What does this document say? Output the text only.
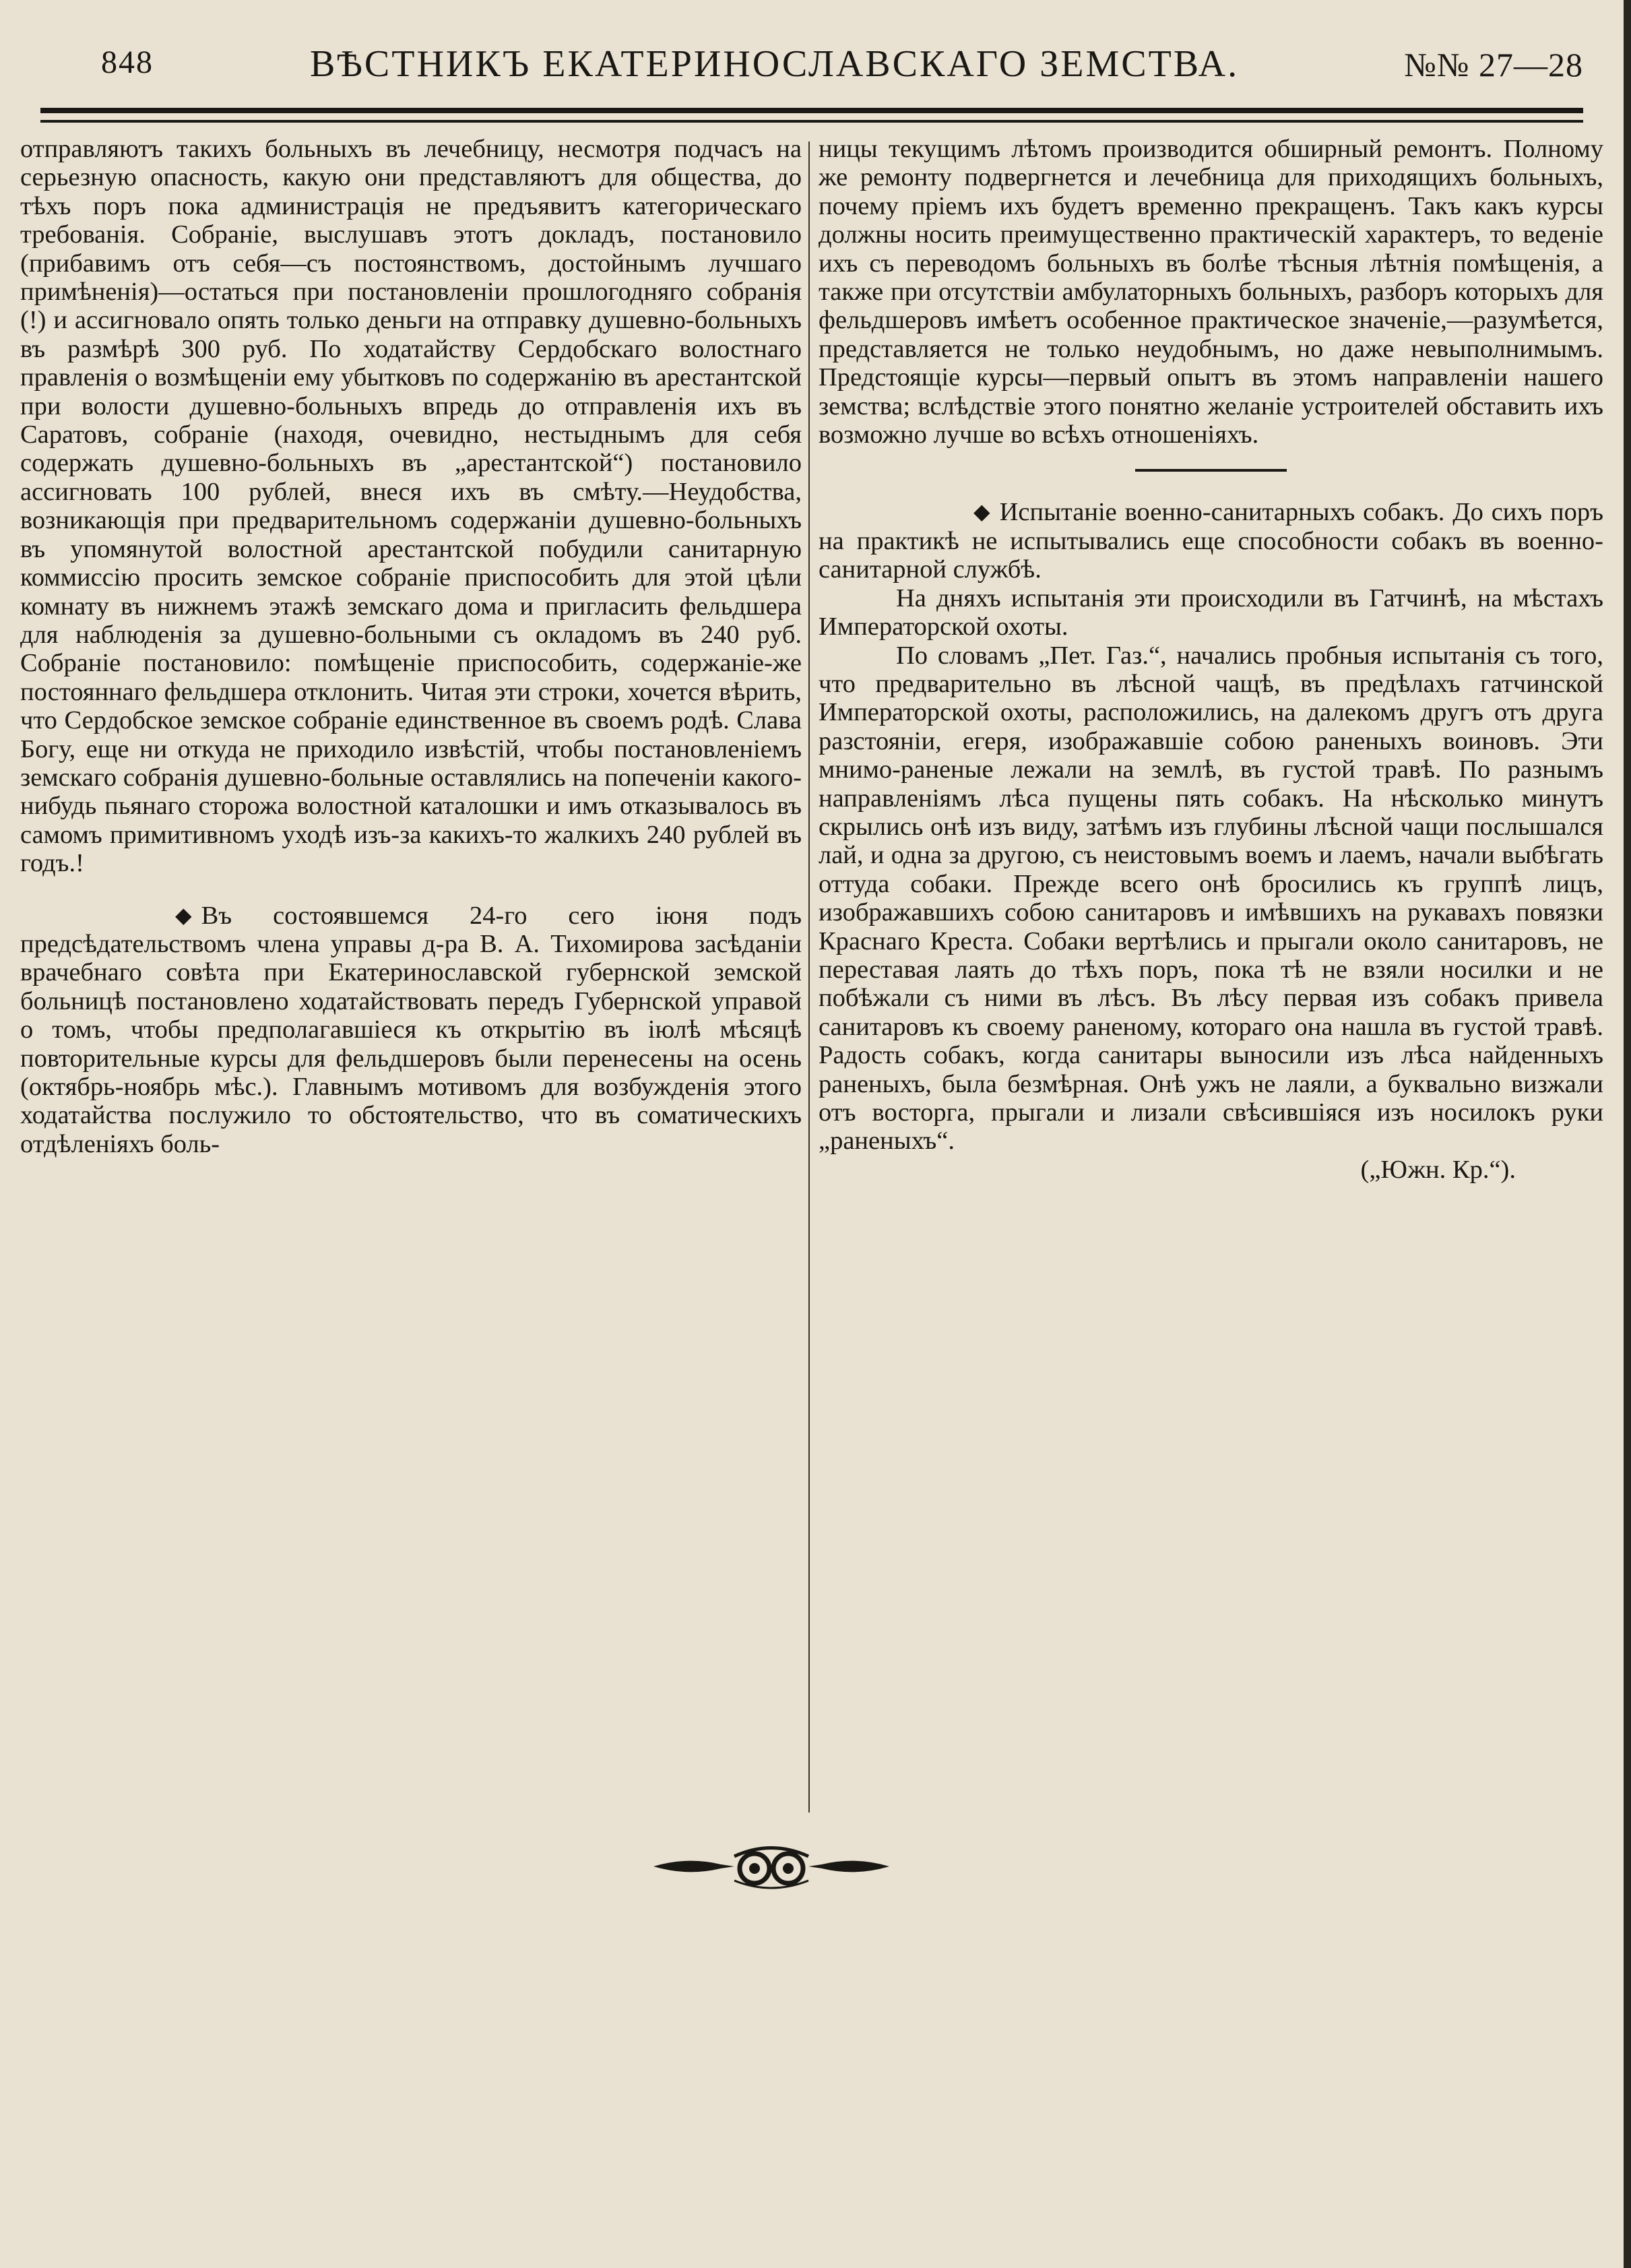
848	ВѢСТНИКЪ ЕКАТЕРИНОСЛАВСКАГО ЗЕМСТВА.	№№ 27—28

отправляютъ такихъ больныхъ въ лечебницу, несмотря подчасъ на серьезную опасность, какую они представляютъ для общества, до тѣхъ поръ пока администрація не предъявитъ категорическаго требованія. Собраніе, выслушавъ этотъ докладъ, постановило (прибавимъ отъ себя—съ постоянствомъ, достойнымъ лучшаго примѣненія)—остаться при постановленіи прошлогодняго собранія (!) и ассигновало опять только деньги на отправку душевно-больныхъ въ размѣрѣ 300 руб. По ходатайству Сердобскаго волостнаго правленія о возмѣщеніи ему убытковъ по содержанію въ арестантской при волости душевно-больныхъ впредь до отправленія ихъ въ Саратовъ, собраніе (находя, очевидно, нестыднымъ для себя содержать душевно-больныхъ въ „арестантской“) постановило ассигновать 100 рублей, внеся ихъ въ смѣту.—Неудобства, возникающія при предварительномъ содержаніи душевно-больныхъ въ упомянутой волостной арестантской побудили санитарную коммиссію просить земское собраніе приспособить для этой цѣли комнату въ нижнемъ этажѣ земскаго дома и пригласить фельдшера для наблюденія за душевно-больными съ окладомъ въ 240 руб. Собраніе постановило: помѣщеніе приспособить, содержаніе-же постояннаго фельдшера отклонить. Читая эти строки, хочется вѣрить, что Сердобское земское собраніе единственное въ своемъ родѣ. Слава Богу, еще ни откуда не приходило извѣстій, чтобы постановленіемъ земскаго собранія душевно-больные оставлялись на попеченіи какого-нибудь пьянаго сторожа волостной каталошки и имъ отказывалось въ самомъ примитивномъ уходѣ изъ-за какихъ-то жалкихъ 240 рублей въ годъ.!

◆ Въ состоявшемся 24-го сего іюня подъ предсѣдательствомъ члена управы д-ра В. А. Тихомирова засѣданіи врачебнаго совѣта при Екатеринославской губернской земской больницѣ постановлено ходатайствовать передъ Губернской управой о томъ, чтобы предполагавшіеся къ открытію въ іюлѣ мѣсяцѣ повторительные курсы для фельдшеровъ были перенесены на осень (октябрь-ноябрь мѣс.). Главнымъ мотивомъ для возбужденія этого ходатайства послужило то обстоятельство, что въ соматическихъ отдѣленіяхъ боль-

ницы текущимъ лѣтомъ производится обширный ремонтъ. Полному же ремонту подвергнется и лечебница для приходящихъ больныхъ, почему пріемъ ихъ будетъ временно прекращенъ. Такъ какъ курсы должны носить преимущественно практическій характеръ, то веденіе ихъ съ переводомъ больныхъ въ болѣе тѣсныя лѣтнія помѣщенія, а также при отсутствіи амбулаторныхъ больныхъ, разборъ которыхъ для фельдшеровъ имѣетъ особенное практическое значеніе,—разумѣется, представляется не только неудобнымъ, но даже невыполнимымъ. Предстоящіе курсы—первый опытъ въ этомъ направленіи нашего земства; вслѣдствіе этого понятно желаніе устроителей обставить ихъ возможно лучше во всѣхъ отношеніяхъ.

◆ Испытаніе военно-санитарныхъ собакъ. До сихъ поръ на практикѣ не испытывались еще способности собакъ въ военно-санитарной службѣ.

На дняхъ испытанія эти происходили въ Гатчинѣ, на мѣстахъ Императорской охоты.

По словамъ „Пет. Газ.“, начались пробныя испытанія съ того, что предварительно въ лѣсной чащѣ, въ предѣлахъ гатчинской Императорской охоты, расположились, на далекомъ другъ отъ друга разстояніи, егеря, изображавшіе собою раненыхъ воиновъ. Эти мнимо-раненые лежали на землѣ, въ густой травѣ. По разнымъ направленіямъ лѣса пущены пять собакъ. На нѣсколько минутъ скрылись онѣ изъ виду, затѣмъ изъ глубины лѣсной чащи послышался лай, и одна за другою, съ неистовымъ воемъ и лаемъ, начали выбѣгать оттуда собаки. Прежде всего онѣ бросились къ группѣ лицъ, изображавшихъ собою санитаровъ и имѣвшихъ на рукавахъ повязки Краснаго Креста. Собаки вертѣлись и прыгали около санитаровъ, не переставая лаять до тѣхъ поръ, пока тѣ не взяли носилки и не побѣжали съ ними въ лѣсъ. Въ лѣсу первая изъ собакъ привела санитаровъ къ своему раненому, которaго она нашла въ густой травѣ. Радость собакъ, когда санитары выносили изъ лѣса найденныхъ раненыхъ, была безмѣрная. Онѣ ужъ не лаяли, а буквально визжали отъ восторга, прыгали и лизали свѣсившіяся изъ носилокъ руки „раненыхъ“.

(„Южн. Кр.“).
